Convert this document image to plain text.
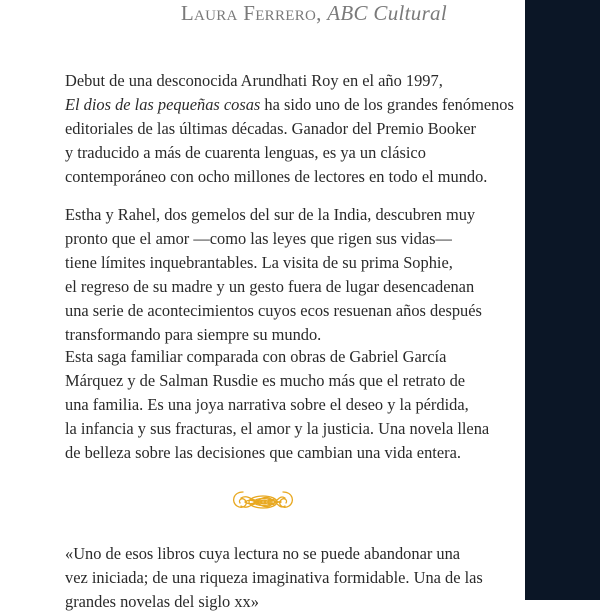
Laura Ferrero, ABC Cultural

Debut de una desconocida Arundhati Roy en el año 1997,
El dios de las pequeñas cosas ha sido uno de los grandes fenómenos
editoriales de las últimas décadas. Ganador del Premio Booker
y traducido a más de cuarenta lenguas, es ya un clásico
contemporáneo con ocho millones de lectores en todo el mundo.

Estha y Rahel, dos gemelos del sur de la India, descubren muy
pronto que el amor —como las leyes que rigen sus vidas—
tiene límites inquebrantables. La visita de su prima Sophie,
el regreso de su madre y un gesto fuera de lugar desencadenan
una serie de acontecimientos cuyos ecos resuenan años después
transformando para siempre su mundo.

Esta saga familiar comparada con obras de Gabriel García
Márquez y de Salman Rusdie es mucho más que el retrato de
una familia. Es una joya narrativa sobre el deseo y la pérdida,
la infancia y sus fracturas, el amor y la justicia. Una novela llena
de belleza sobre las decisiones que cambian una vida entera.

«Uno de esos libros cuya lectura no se puede abandonar una
vez iniciada; de una riqueza imaginativa formidable. Una de las
grandes novelas del siglo xx»
